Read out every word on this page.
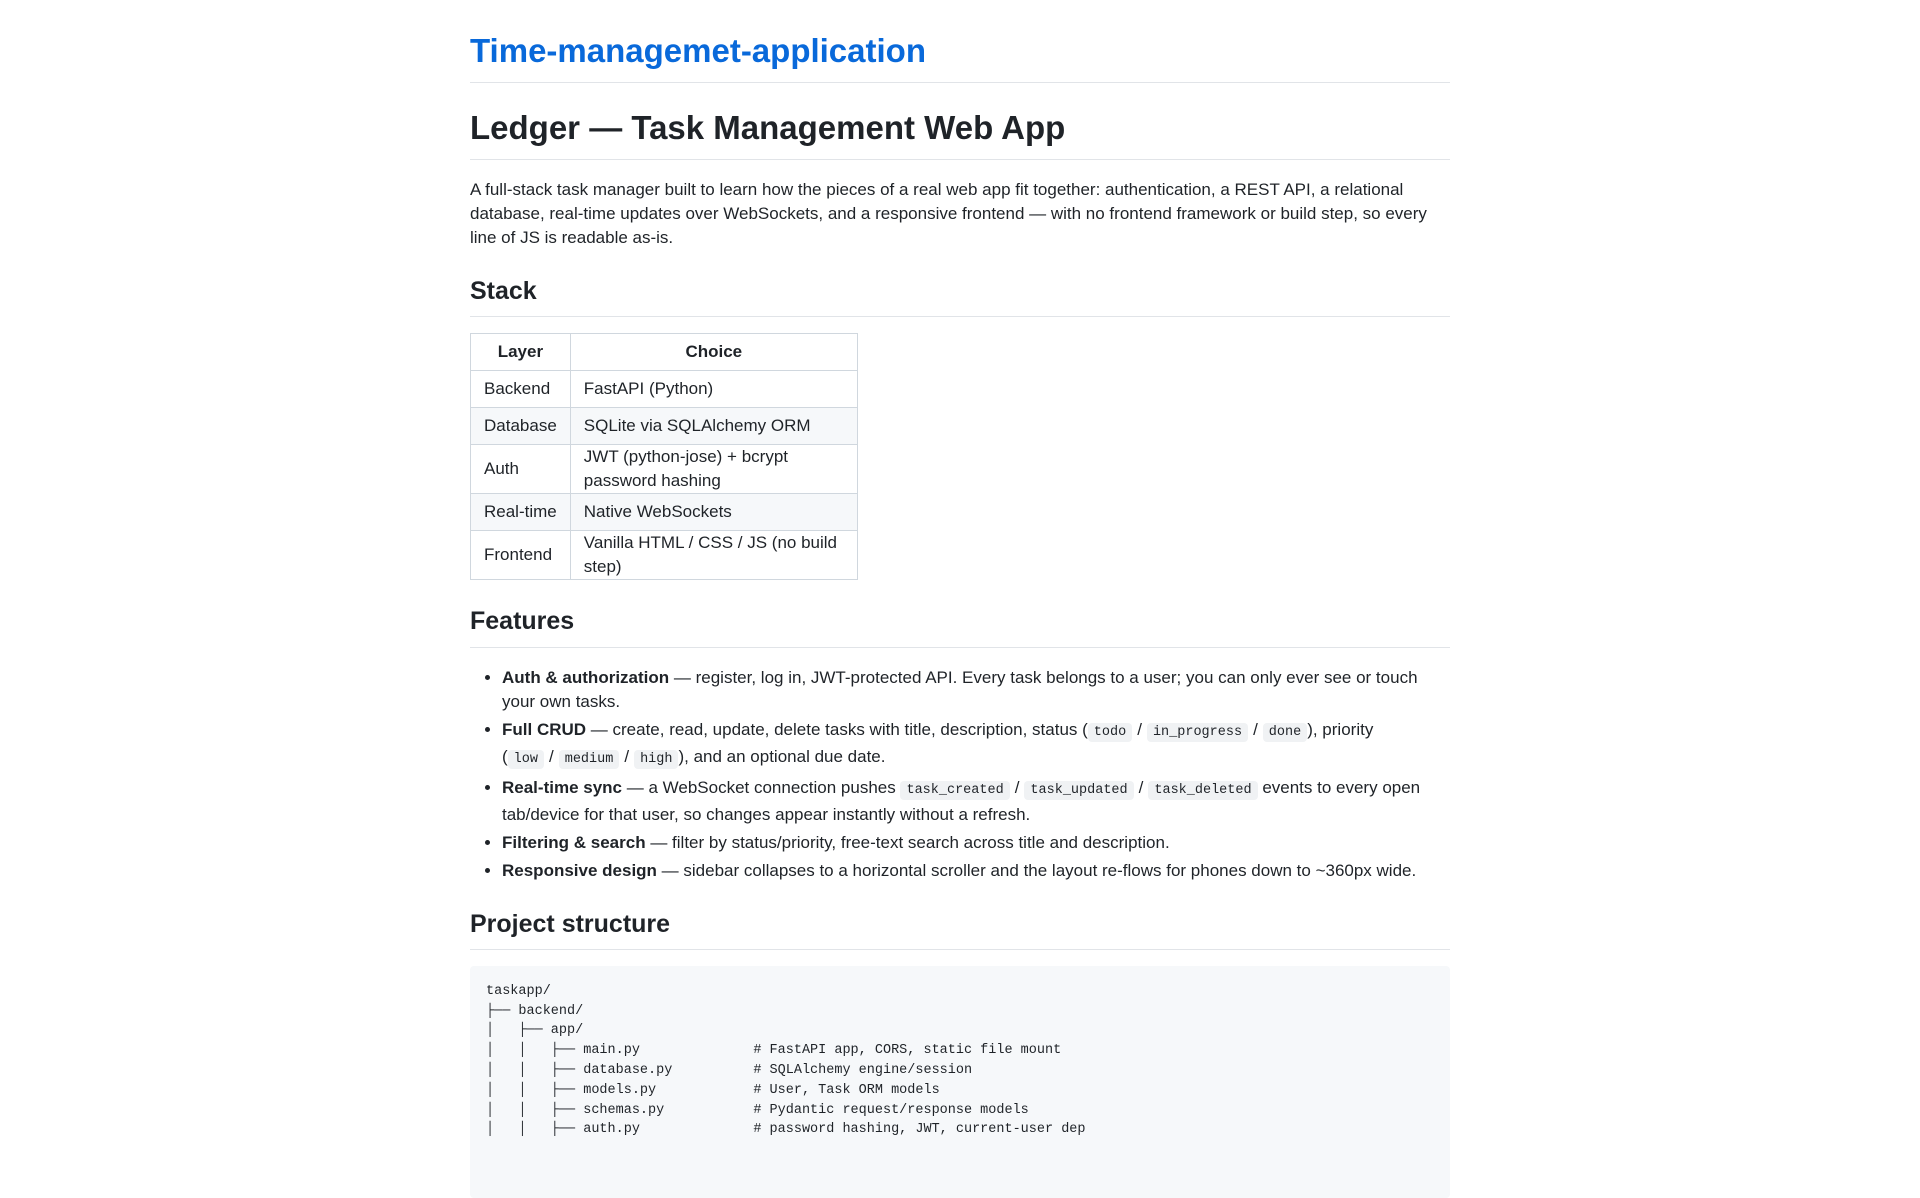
Time-managemet-application
Ledger — Task Management Web App

A full-stack task manager built to learn how the pieces of a real web app fit together: authentication, a REST API, a relational database, real-time updates over WebSockets, and a responsive frontend — with no frontend framework or build step, so every line of JS is readable as-is.

Stack
Layer	Choice
Backend	FastAPI (Python)
Database	SQLite via SQLAlchemy ORM
Auth	JWT (python-jose) + bcrypt password hashing
Real-time	Native WebSockets
Frontend	Vanilla HTML / CSS / JS (no build step)
Features
• Auth & authorization — register, log in, JWT-protected API. Every task belongs to a user; you can only ever see or touch your own tasks.
• Full CRUD — create, read, update, delete tasks with title, description, status ( todo / in_progress / done ), priority ( low / medium / high ), and an optional due date.
• Real-time sync — a WebSocket connection pushes task_created / task_updated / task_deleted events to every open tab/device for that user, so changes appear instantly without a refresh.
• Filtering & search — filter by status/priority, free-text search across title and description.
• Responsive design — sidebar collapses to a horizontal scroller and the layout re-flows for phones down to ~360px wide.
Project structure
taskapp/
├── backend/
│   ├── app/
│   │   ├── main.py              # FastAPI app, CORS, static file mount
│   │   ├── database.py          # SQLAlchemy engine/session
│   │   ├── models.py            # User, Task ORM models
│   │   ├── schemas.py           # Pydantic request/response models
│   │   ├── auth.py              # password hashing, JWT, current-user dep
